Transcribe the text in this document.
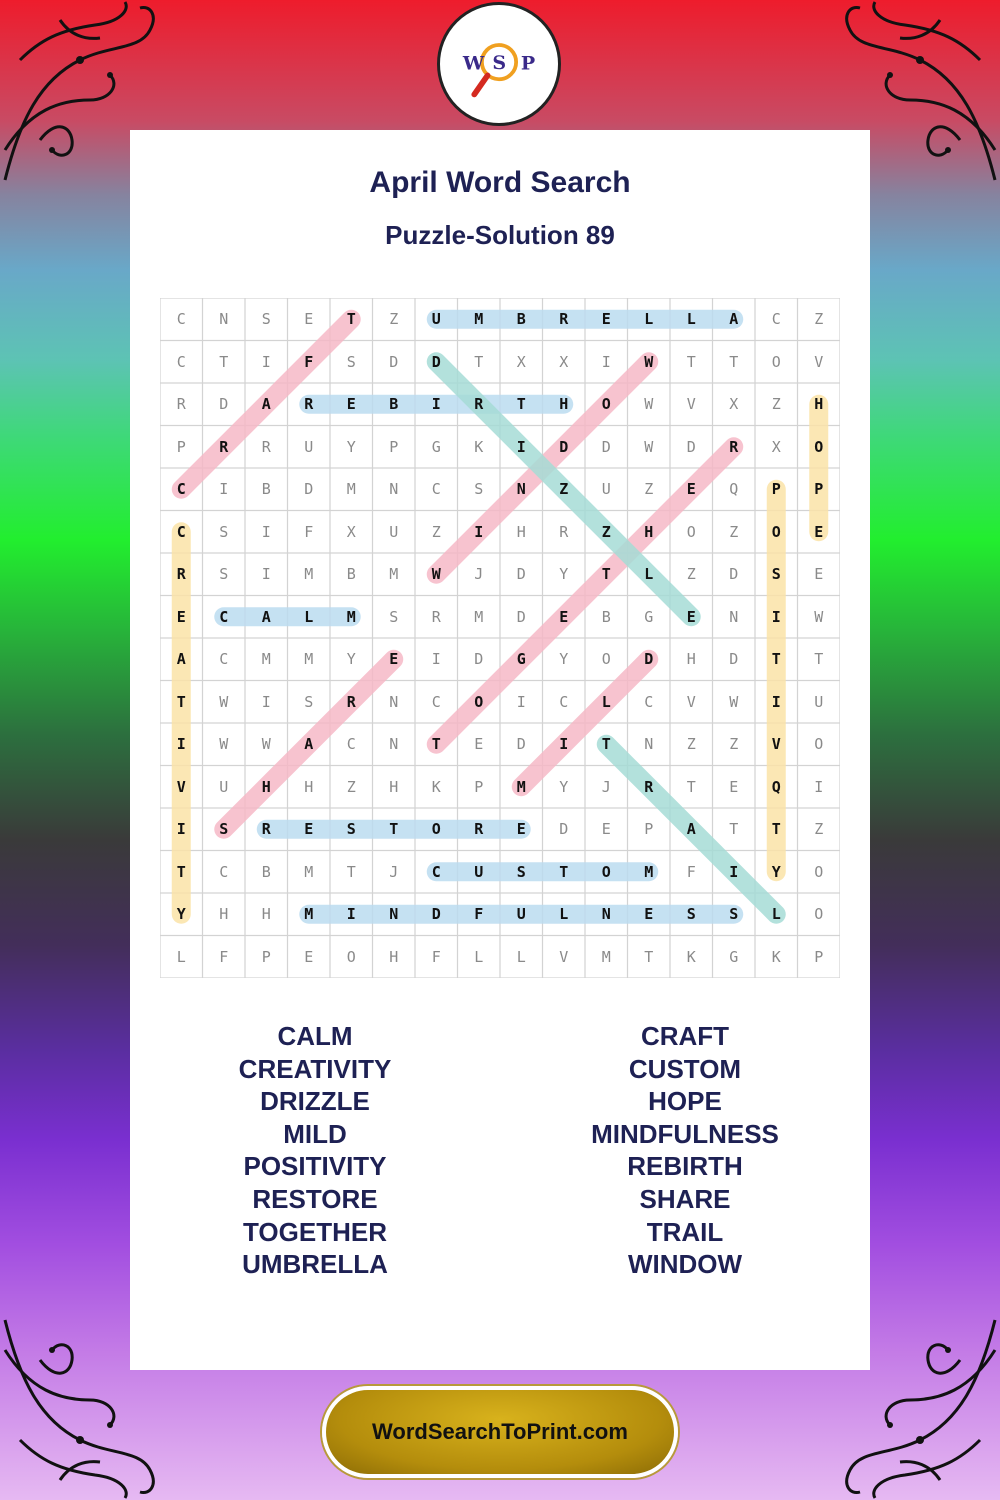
W S P
April Word Search
Puzzle-Solution 89
C	N	S	E	T	Z	U	M	B	R	E	L	L	A	C	Z
C	T	I	F	S	D	D	T	X	X	I	W	T	T	O	V
R	D	A	R	E	B	I	R	T	H	O	W	V	X	Z	H
P	R	R	U	Y	P	G	K	I	D	D	W	D	R	X	O
C	I	B	D	M	N	C	S	N	Z	U	Z	E	Q	P	P
C	S	I	F	X	U	Z	I	H	R	Z	H	O	Z	O	E
R	S	I	M	B	M	W	J	D	Y	T	L	Z	D	S	E
E	C	A	L	M	S	R	M	D	E	B	G	E	N	I	W
A	C	M	M	Y	E	I	D	G	Y	O	D	H	D	T	T
T	W	I	S	R	N	C	O	I	C	L	C	V	W	I	U
I	W	W	A	C	N	T	E	D	I	T	N	Z	Z	V	O
V	U	H	H	Z	H	K	P	M	Y	J	R	T	E	Q	I
I	S	R	E	S	T	O	R	E	D	E	P	A	T	T	Z
T	C	B	M	T	J	C	U	S	T	O	M	F	I	Y	O
Y	H	H	M	I	N	D	F	U	L	N	E	S	S	L	O
L	F	P	E	O	H	F	L	L	V	M	T	K	G	K	P
CALM
CREATIVITY
DRIZZLE
MILD
POSITIVITY
RESTORE
TOGETHER
UMBRELLA
CRAFT
CUSTOM
HOPE
MINDFULNESS
REBIRTH
SHARE
TRAIL
WINDOW
WordSearchToPrint.com
